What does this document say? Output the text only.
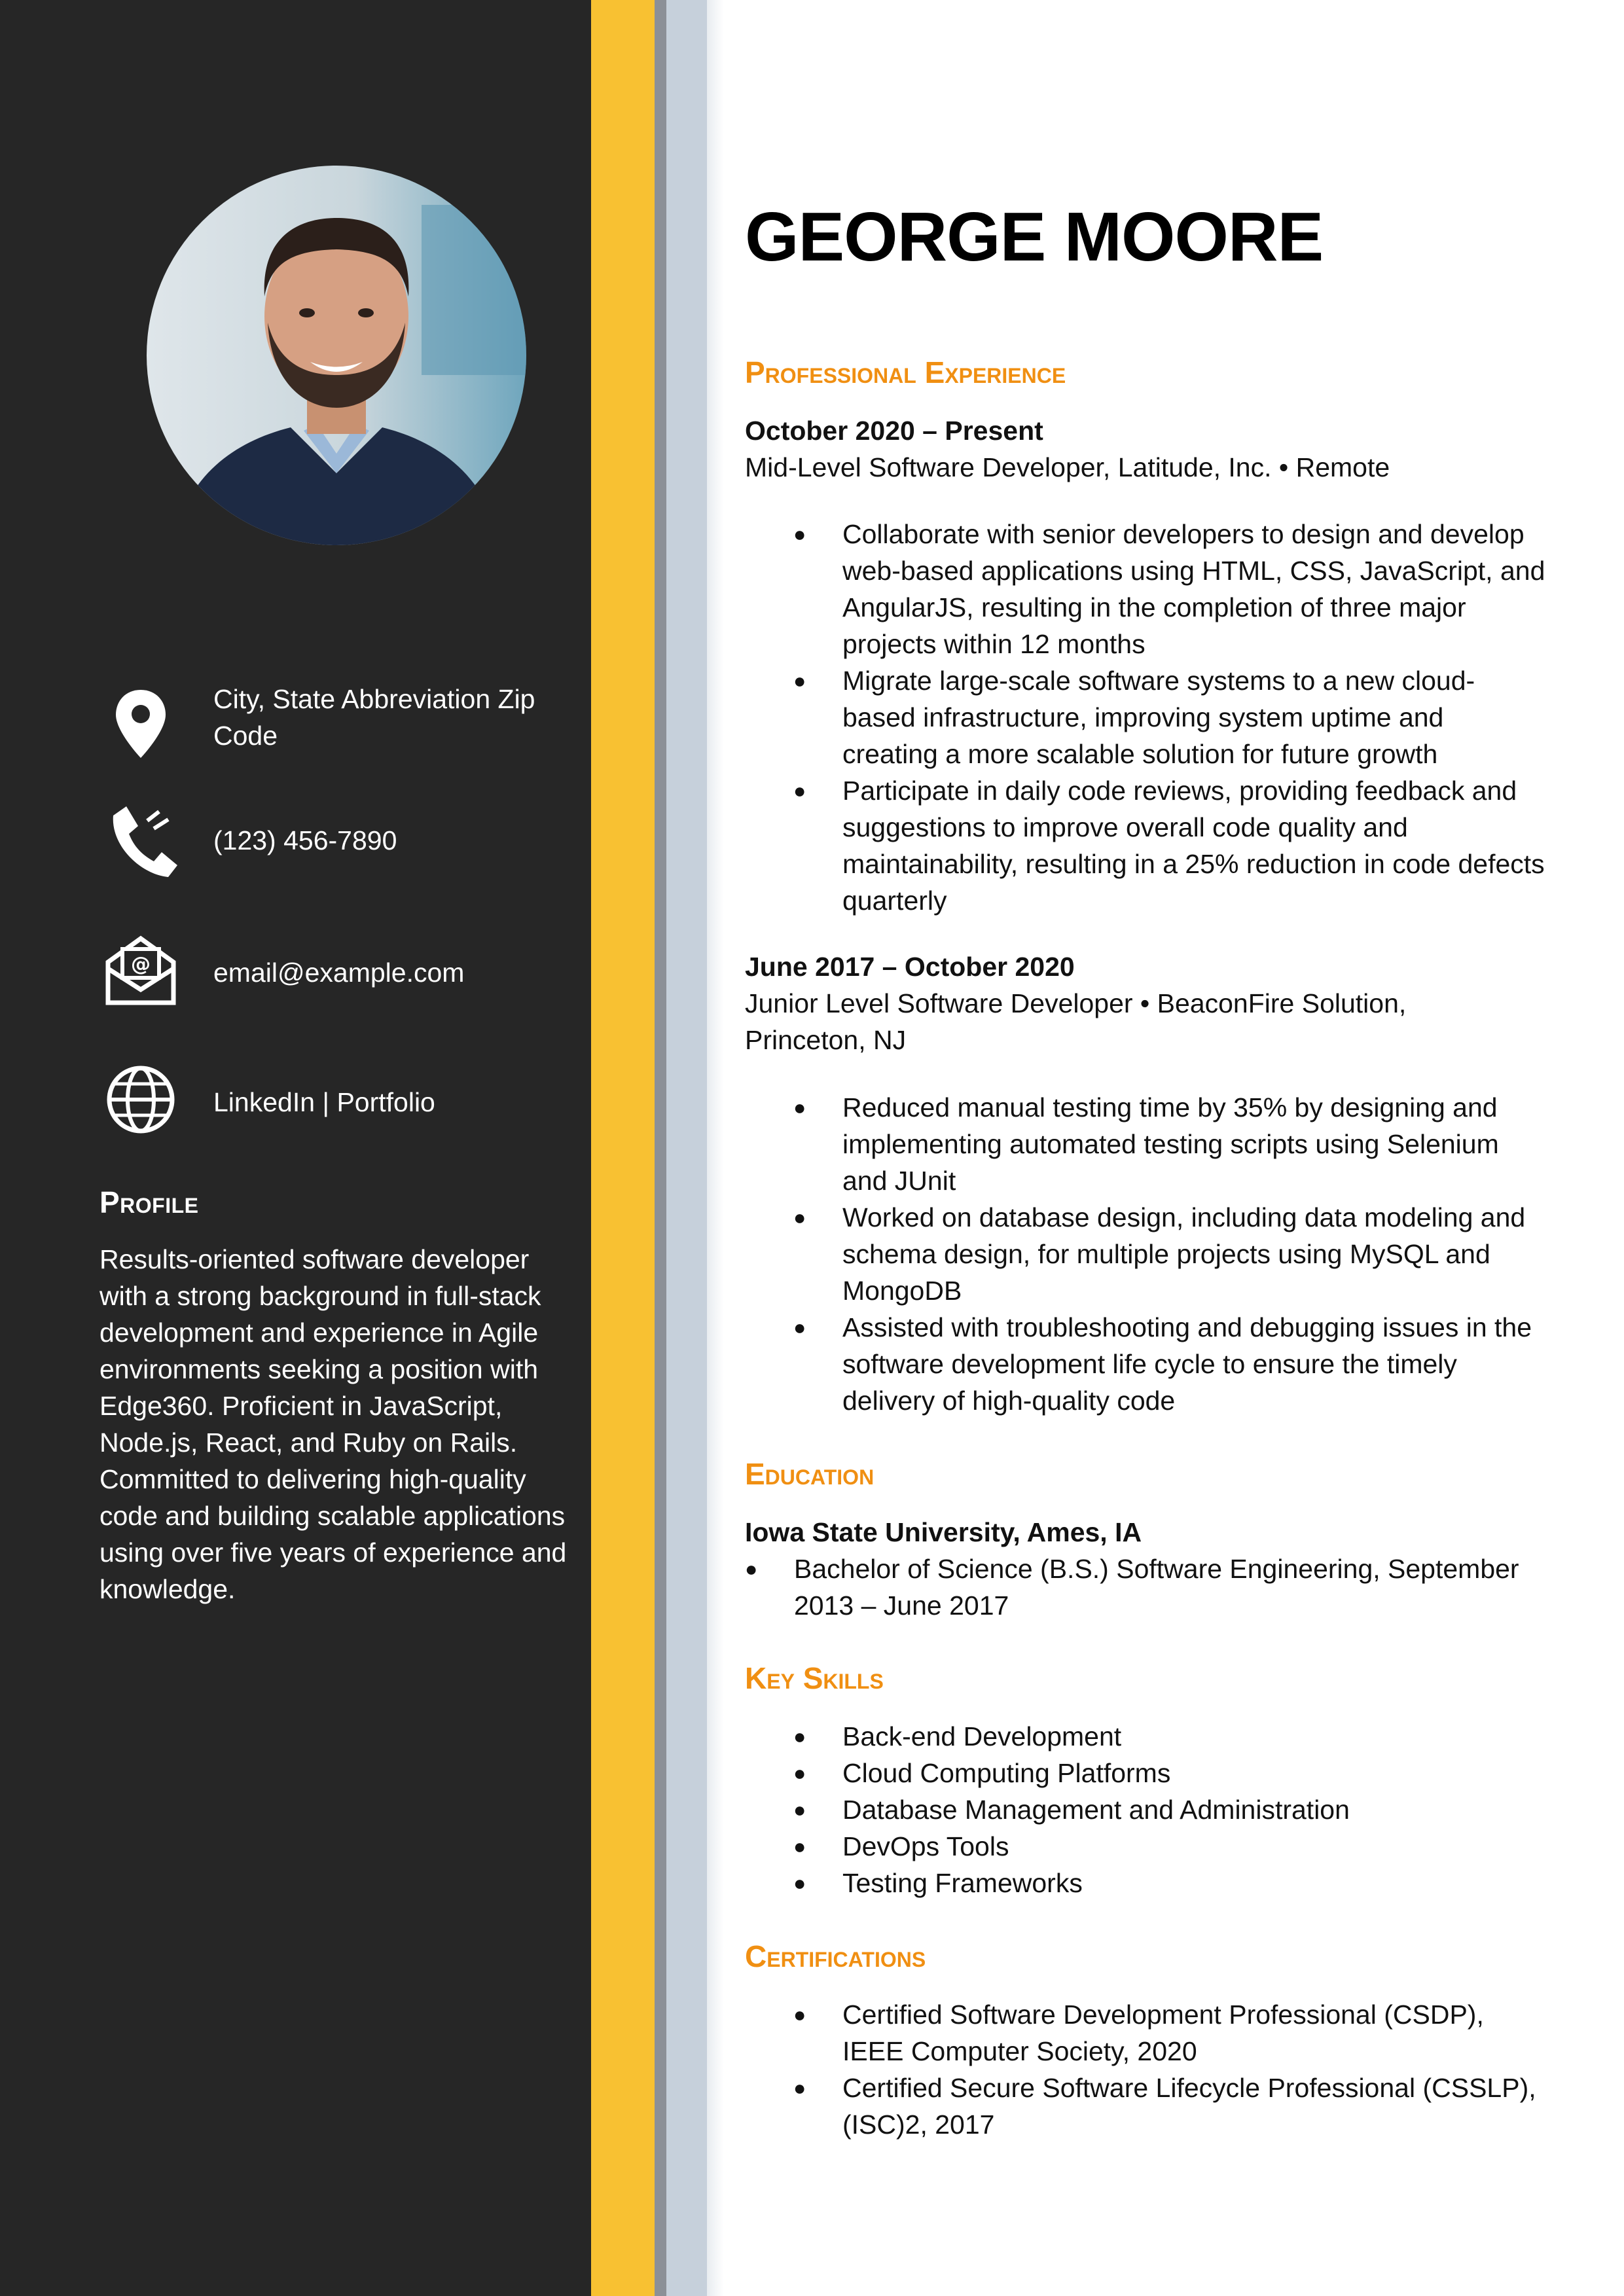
City, State Abbreviation Zip Code
(123) 456-7890
@ email@example.com
LinkedIn | Portfolio
Profile
Results-oriented software developer with a strong background in full-stack development and experience in Agile environments seeking a position with Edge360. Proficient in JavaScript, Node.js, React, and Ruby on Rails. Committed to delivering high-quality code and building scalable applications using over five years of experience and knowledge.
GEORGE MOORE
Professional Experience
October 2020 – Present
Mid-Level Software Developer, Latitude, Inc. • Remote
● Collaborate with senior developers to design and develop web-based applications using HTML, CSS, JavaScript, and AngularJS, resulting in the completion of three major projects within 12 months
● Migrate large-scale software systems to a new cloud-based infrastructure, improving system uptime and creating a more scalable solution for future growth
● Participate in daily code reviews, providing feedback and suggestions to improve overall code quality and maintainability, resulting in a 25% reduction in code defects quarterly
June 2017 – October 2020
Junior Level Software Developer • BeaconFire Solution, Princeton, NJ
● Reduced manual testing time by 35% by designing and implementing automated testing scripts using Selenium and JUnit
● Worked on database design, including data modeling and schema design, for multiple projects using MySQL and MongoDB
● Assisted with troubleshooting and debugging issues in the software development life cycle to ensure the timely delivery of high-quality code
Education
Iowa State University, Ames, IA
● Bachelor of Science (B.S.) Software Engineering, September 2013 – June 2017
Key Skills
● Back-end Development
● Cloud Computing Platforms
● Database Management and Administration
● DevOps Tools
● Testing Frameworks
Certifications
● Certified Software Development Professional (CSDP), IEEE Computer Society, 2020
● Certified Secure Software Lifecycle Professional (CSSLP), (ISC)2, 2017
